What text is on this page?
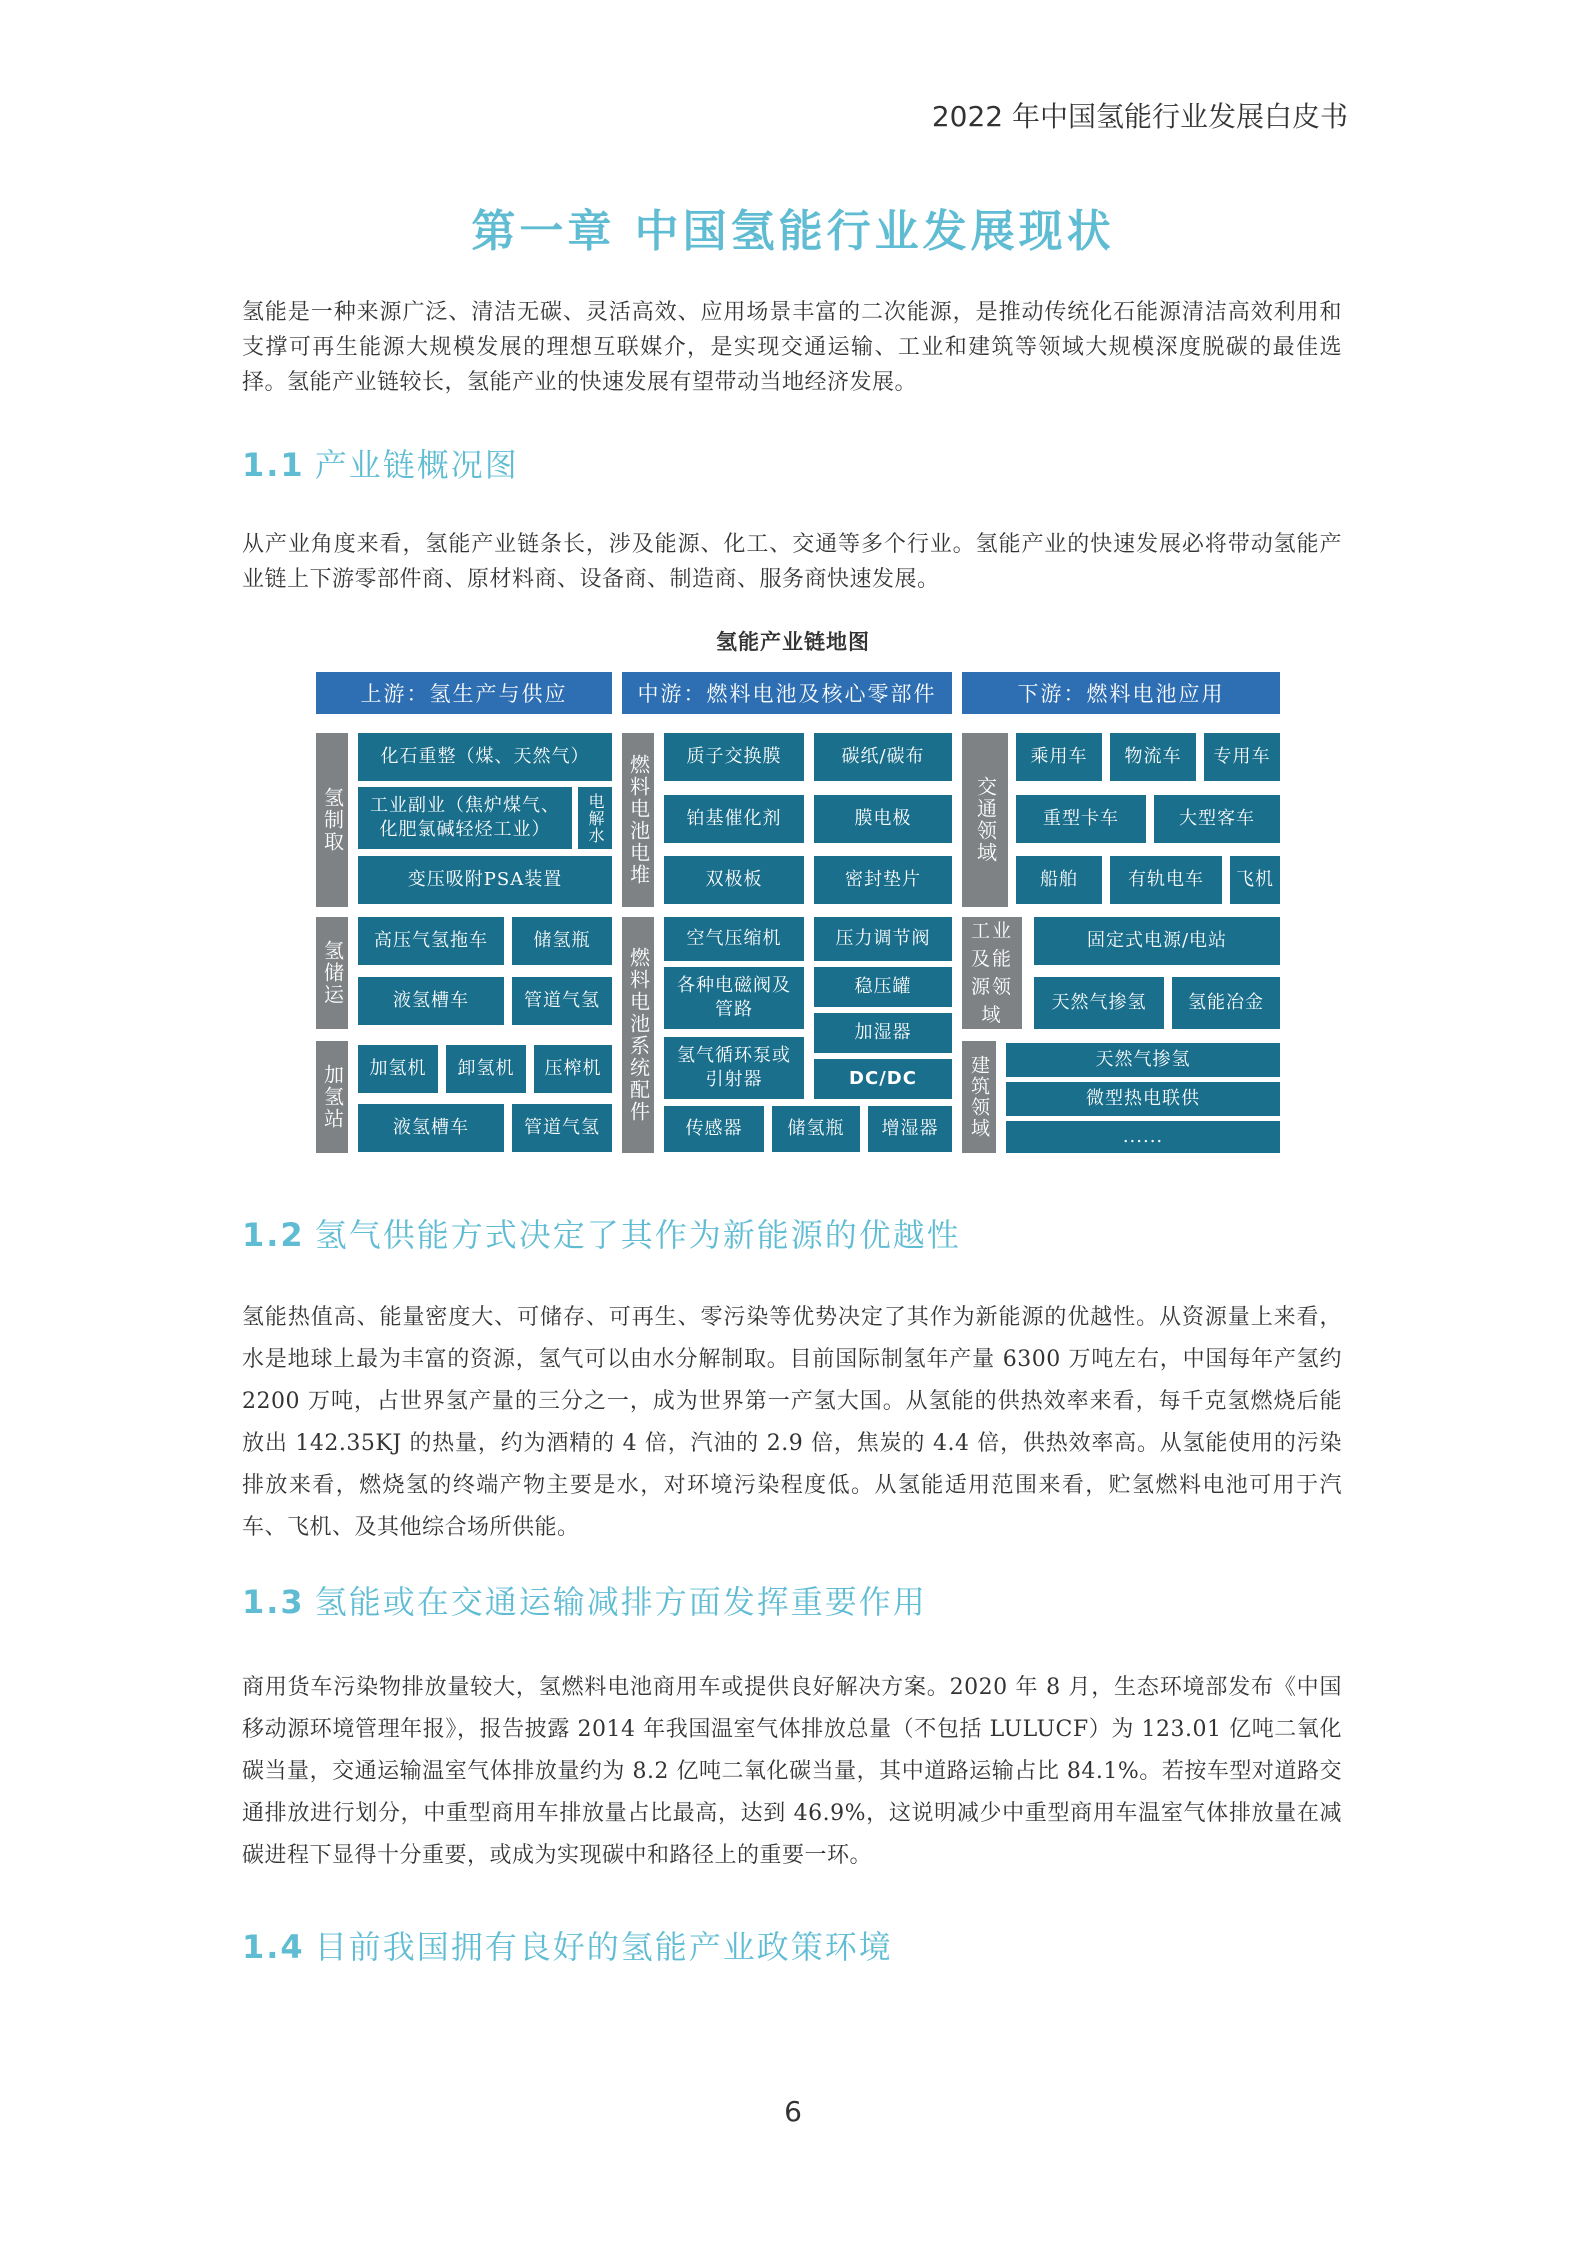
2022 年中国氢能行业发展白皮书
第一章 中国氢能行业发展现状
氢能是一种来源广泛、清洁无碳、灵活高效、应用场景丰富的二次能源，是推动传统化石能源清洁高效利用和支撑可再生能源大规模发展的理想互联媒介，是实现交通运输、工业和建筑等领域大规模深度脱碳的最佳选择。氢能产业链较长，氢能产业的快速发展有望带动当地经济发展。
1.1 产业链概况图
从产业角度来看，氢能产业链条长，涉及能源、化工、交通等多个行业。氢能产业的快速发展必将带动氢能产业链上下游零部件商、原材料商、设备商、制造商、服务商快速发展。
氢能产业链地图
上游：氢生产与供应	中游：燃料电池及核心零部件	下游：燃料电池应用
氢制取
化石重整（煤、天然气）
工业副业（焦炉煤气、化肥氯碱轻烃工业）	电解水
变压吸附PSA装置
氢储运	高压气氢拖车	储氢瓶
液氢槽车	管道气氢
加氢站	加氢机	卸氢机	压榨机
液氢槽车	管道气氢
燃料电池电堆	质子交换膜	碳纸/碳布
铂基催化剂	膜电极
双极板	密封垫片
燃料电池系统配件
空气压缩机	压力调节阀
各种电磁阀及管路
稳压罐
加湿器
氢气循环泵或引射器	DC/DC
传感器	储氢瓶	增湿器
交通领域
乘用车	物流车	专用车
重型卡车	大型客车
船舶	有轨电车	飞机
工业及能源领域
固定式电源/电站
天然气掺氢	氢能冶金
建筑领域	天然气掺氢
微型热电联供
......
1.2 氢气供能方式决定了其作为新能源的优越性
氢能热值高、能量密度大、可储存、可再生、零污染等优势决定了其作为新能源的优越性。从资源量上来看，水是地球上最为丰富的资源，氢气可以由水分解制取。目前国际制氢年产量 6300 万吨左右，中国每年产氢约 2200 万吨，占世界氢产量的三分之一，成为世界第一产氢大国。从氢能的供热效率来看，每千克氢燃烧后能放出 142.35KJ 的热量，约为酒精的 4 倍，汽油的 2.9 倍，焦炭的 4.4 倍，供热效率高。从氢能使用的污染排放来看，燃烧氢的终端产物主要是水，对环境污染程度低。从氢能适用范围来看，贮氢燃料电池可用于汽车、飞机、及其他综合场所供能。
1.3 氢能或在交通运输减排方面发挥重要作用
商用货车污染物排放量较大，氢燃料电池商用车或提供良好解决方案。2020 年 8 月，生态环境部发布《中国移动源环境管理年报》，报告披露 2014 年我国温室气体排放总量（不包括 LULUCF）为 123.01 亿吨二氧化碳当量，交通运输温室气体排放量约为 8.2 亿吨二氧化碳当量，其中道路运输占比 84.1%。若按车型对道路交通排放进行划分，中重型商用车排放量占比最高，达到 46.9%，这说明减少中重型商用车温室气体排放量在减碳进程下显得十分重要，或成为实现碳中和路径上的重要一环。
1.4 目前我国拥有良好的氢能产业政策环境
6
